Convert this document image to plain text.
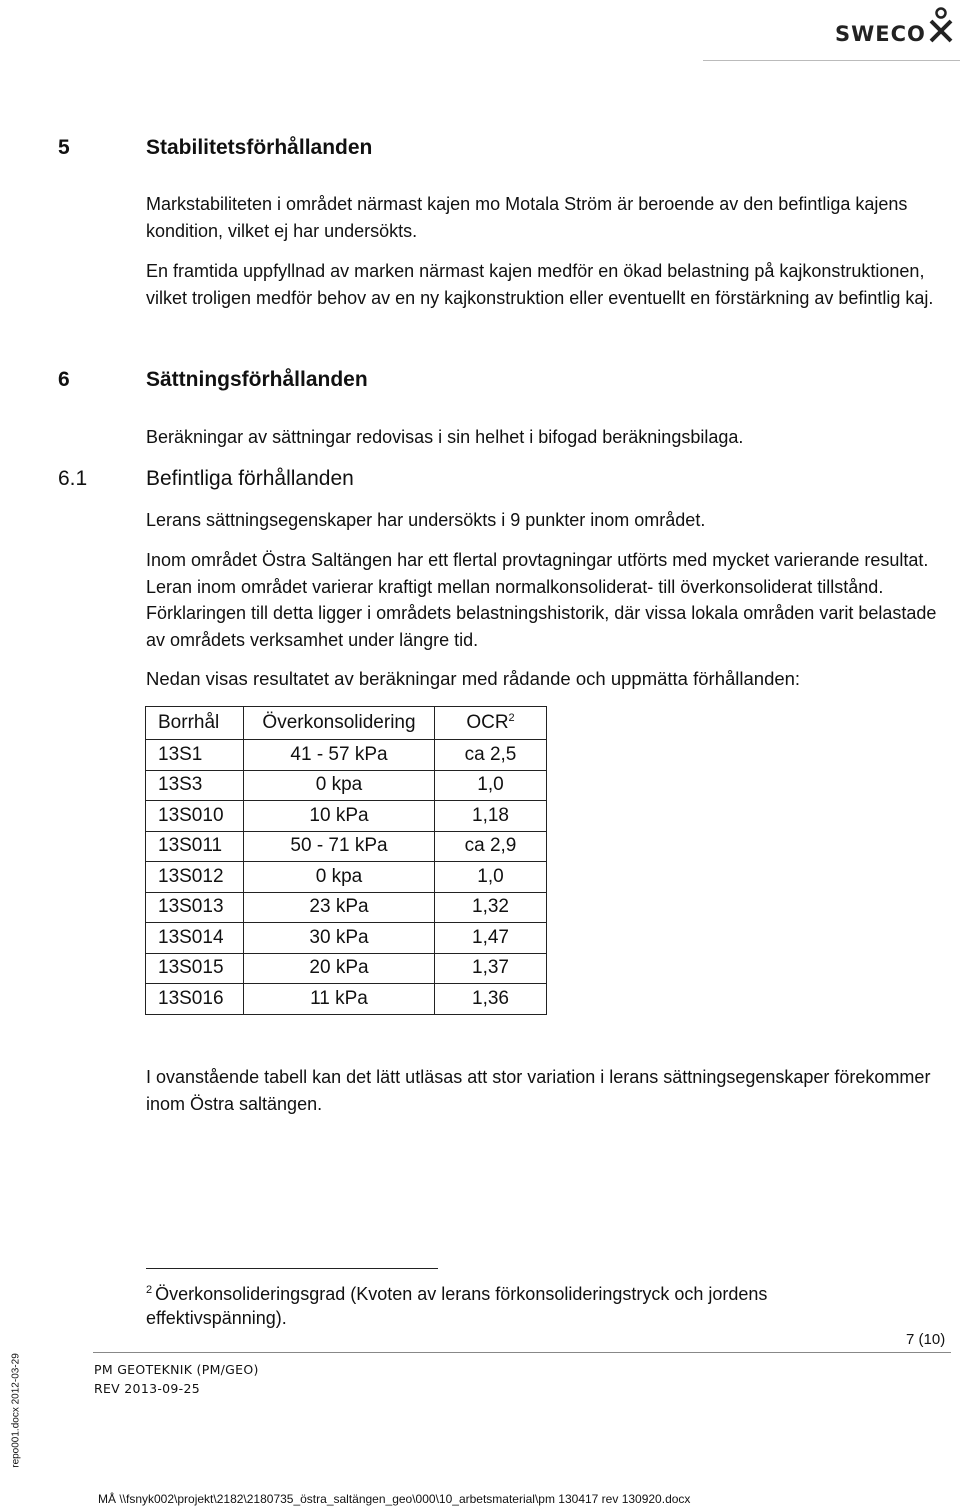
SWECO
5	Stabilitetsförhållanden

Markstabiliteten i området närmast kajen mo Motala Ström är beroende av den befintliga kajens kondition, vilket ej har undersökts.

En framtida uppfyllnad av marken närmast kajen medför en ökad belastning på kajkonstruktionen, vilket troligen medför behov av en ny kajkonstruktion eller eventuellt en förstärkning av befintlig kaj.

6	Sättningsförhållanden
Beräkningar av sättningar redovisas i sin helhet i bifogad beräkningsbilaga.
6.1	Befintliga förhållanden
Lerans sättningsegenskaper har undersökts i 9 punkter inom området.
Inom området Östra Saltängen har ett flertal provtagningar utförts med mycket varierande resultat. Leran inom området varierar kraftigt mellan normalkonsoliderat- till överkonsoliderat tillstånd. Förklaringen till detta ligger i områdets belastningshistorik, där vissa lokala områden varit belastade av områdets verksamhet under längre tid.
Nedan visas resultatet av beräkningar med rådande och uppmätta förhållanden:
Borrhål	Överkonsolidering	OCR$^2$
13S1	41 - 57 kPa	ca 2,5
13S3	0 kpa	1,0
13S010	10 kPa	1,18
13S011	50 - 71 kPa	ca 2,9
13S012	0 kpa	1,0
13S013	23 kPa	1,32
13S014	30 kPa	1,47
13S015	20 kPa	1,37
13S016	11 kPa	1,36
I ovanstående tabell kan det lätt utläsas att stor variation i lerans sättningsegenskaper förekommer inom Östra saltängen.
$^2$ Överkonsolideringsgrad (Kvoten av lerans förkonsolideringstryck och jordens effektivspänning).
7 (10)
PM GEOTEKNIK (PM/GEO)
REV 2013-09-25
repo001.docx 2012-03-29
MÅ \\fsnyk002\projekt\2182\2180735_östra_saltängen_geo\000\10_arbetsmaterial\pm 130417 rev 130920.docx
